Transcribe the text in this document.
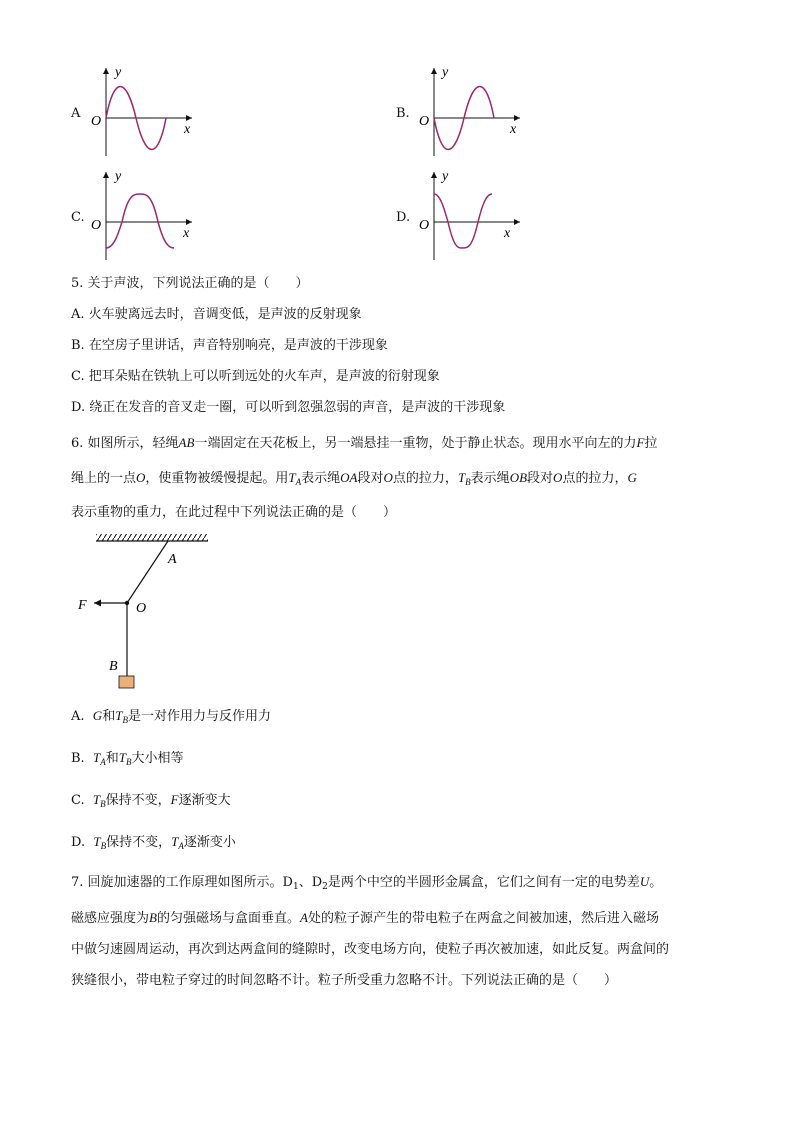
A
y
O
x
B.
y
O
x
C.
y
O
x
D.
y
O
x
5. 关于声波，下列说法正确的是（　　）
A. 火车驶离远去时，音调变低，是声波的反射现象
B. 在空房子里讲话，声音特别响亮，是声波的干涉现象
C. 把耳朵贴在铁轨上可以听到远处的火车声，是声波的衍射现象
D. 绕正在发音的音叉走一圈，可以听到忽强忽弱的声音，是声波的干涉现象
6. 如图所示，轻绳AB一端固定在天花板上，另一端悬挂一重物，处于静止状态。现用水平向左的力F拉
绳上的一点O，使重物被缓慢提起。用$T_A$表示绳OA段对O点的拉力，$T_B$表示绳OB段对O点的拉力，G
表示重物的重力，在此过程中下列说法正确的是（　　）
A
F	O
B
A. G和$T_B$是一对作用力与反作用力
B. $T_A$和$T_B$大小相等
C. $T_B$保持不变，F逐渐变大
D. $T_B$保持不变，$T_A$逐渐变小
7. 回旋加速器的工作原理如图所示。$D_1$、$D_2$是两个中空的半圆形金属盒，它们之间有一定的电势差U。
磁感应强度为B的匀强磁场与盒面垂直。A处的粒子源产生的带电粒子在两盒之间被加速，然后进入磁场
中做匀速圆周运动，再次到达两盒间的缝隙时，改变电场方向，使粒子再次被加速，如此反复。两盒间的
狭缝很小，带电粒子穿过的时间忽略不计。粒子所受重力忽略不计。下列说法正确的是（　　）
